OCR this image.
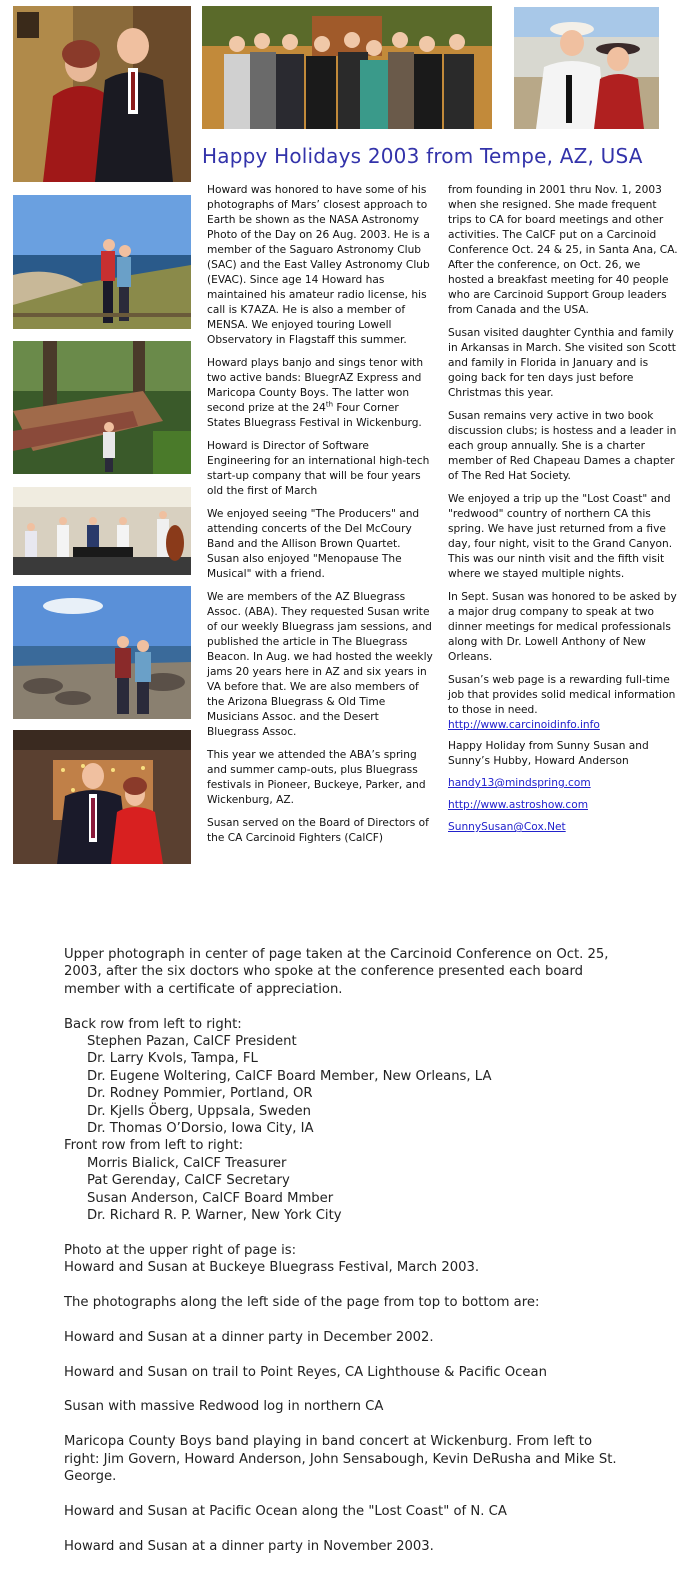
Happy Holidays 2003 from Tempe, AZ, USA

Howard was honored to have some of his photographs of Mars’ closest approach to Earth be shown as the NASA Astronomy Photo of the Day on 26 Aug. 2003. He is a member of the Saguaro Astronomy Club (SAC) and the East Valley Astronomy Club (EVAC). Since age 14 Howard has maintained his amateur radio license, his call is K7AZA. He is also a member of MENSA. We enjoyed touring Lowell Observatory in Flagstaff this summer.

Howard plays banjo and sings tenor with two active bands: BluegrAZ Express and Maricopa County Boys. The latter won second prize at the 24th Four Corner States Bluegrass Festival in Wickenburg.

Howard is Director of Software Engineering for an international high-tech start-up company that will be four years old the first of March

We enjoyed seeing "The Producers" and attending concerts of the Del McCoury Band and the Allison Brown Quartet. Susan also enjoyed "Menopause The Musical" with a friend.

We are members of the AZ Bluegrass Assoc. (ABA). They requested Susan write of our weekly Bluegrass jam sessions, and published the article in The Bluegrass Beacon. In Aug. we had hosted the weekly jams 20 years here in AZ and six years in VA before that. We are also members of the Arizona Bluegrass & Old Time Musicians Assoc. and the Desert Bluegrass Assoc.

This year we attended the ABA’s spring and summer camp-outs, plus Bluegrass festivals in Pioneer, Buckeye, Parker, and Wickenburg, AZ.

Susan served on the Board of Directors of the CA Carcinoid Fighters (CalCF)

from founding in 2001 thru Nov. 1, 2003 when she resigned. She made frequent trips to CA for board meetings and other activities. The CalCF put on a Carcinoid Conference Oct. 24 & 25, in Santa Ana, CA. After the conference, on Oct. 26, we hosted a breakfast meeting for 40 people who are Carcinoid Support Group leaders from Canada and the USA.

Susan visited daughter Cynthia and family in Arkansas in March. She visited son Scott and family in Florida in January and is going back for ten days just before Christmas this year.

Susan remains very active in two book discussion clubs; is hostess and a leader in each group annually. She is a charter member of Red Chapeau Dames a chapter of The Red Hat Society.

We enjoyed a trip up the "Lost Coast" and "redwood" country of northern CA this spring. We have just returned from a five day, four night, visit to the Grand Canyon. This was our ninth visit and the fifth visit where we stayed multiple nights.

In Sept. Susan was honored to be asked by a major drug company to speak at two dinner meetings for medical professionals along with Dr. Lowell Anthony of New Orleans.

Susan’s web page is a rewarding full-time job that provides solid medical information to those in need.
http://www.carcinoidinfo.info

Happy Holiday from Sunny Susan and Sunny’s Hubby, Howard Anderson

handy13@mindspring.com
http://www.astroshow.com
SunnySusan@Cox.Net

Upper photograph in center of page taken at the Carcinoid Conference on Oct. 25, 2003, after the six doctors who spoke at the conference presented each board member with a certificate of appreciation.

Back row from left to right:
Stephen Pazan, CalCF President
Dr. Larry Kvols, Tampa, FL
Dr. Eugene Woltering, CalCF Board Member, New Orleans, LA
Dr. Rodney Pommier, Portland, OR
Dr. Kjells Öberg, Uppsala, Sweden
Dr. Thomas O’Dorsio, Iowa City, IA
Front row from left to right:
Morris Bialick, CalCF Treasurer
Pat Gerenday, CalCF Secretary
Susan Anderson, CalCF Board Mmber
Dr. Richard R. P. Warner, New York City

Photo at the upper right of page is:
Howard and Susan at Buckeye Bluegrass Festival, March 2003.

The photographs along the left side of the page from top to bottom are:

Howard and Susan at a dinner party in December 2002.

Howard and Susan on trail to Point Reyes, CA Lighthouse & Pacific Ocean

Susan with massive Redwood log in northern CA

Maricopa County Boys band playing in band concert at Wickenburg. From left to right: Jim Govern, Howard Anderson, John Sensabough, Kevin DeRusha and Mike St. George.

Howard and Susan at Pacific Ocean along the "Lost Coast" of N. CA

Howard and Susan at a dinner party in November 2003.
